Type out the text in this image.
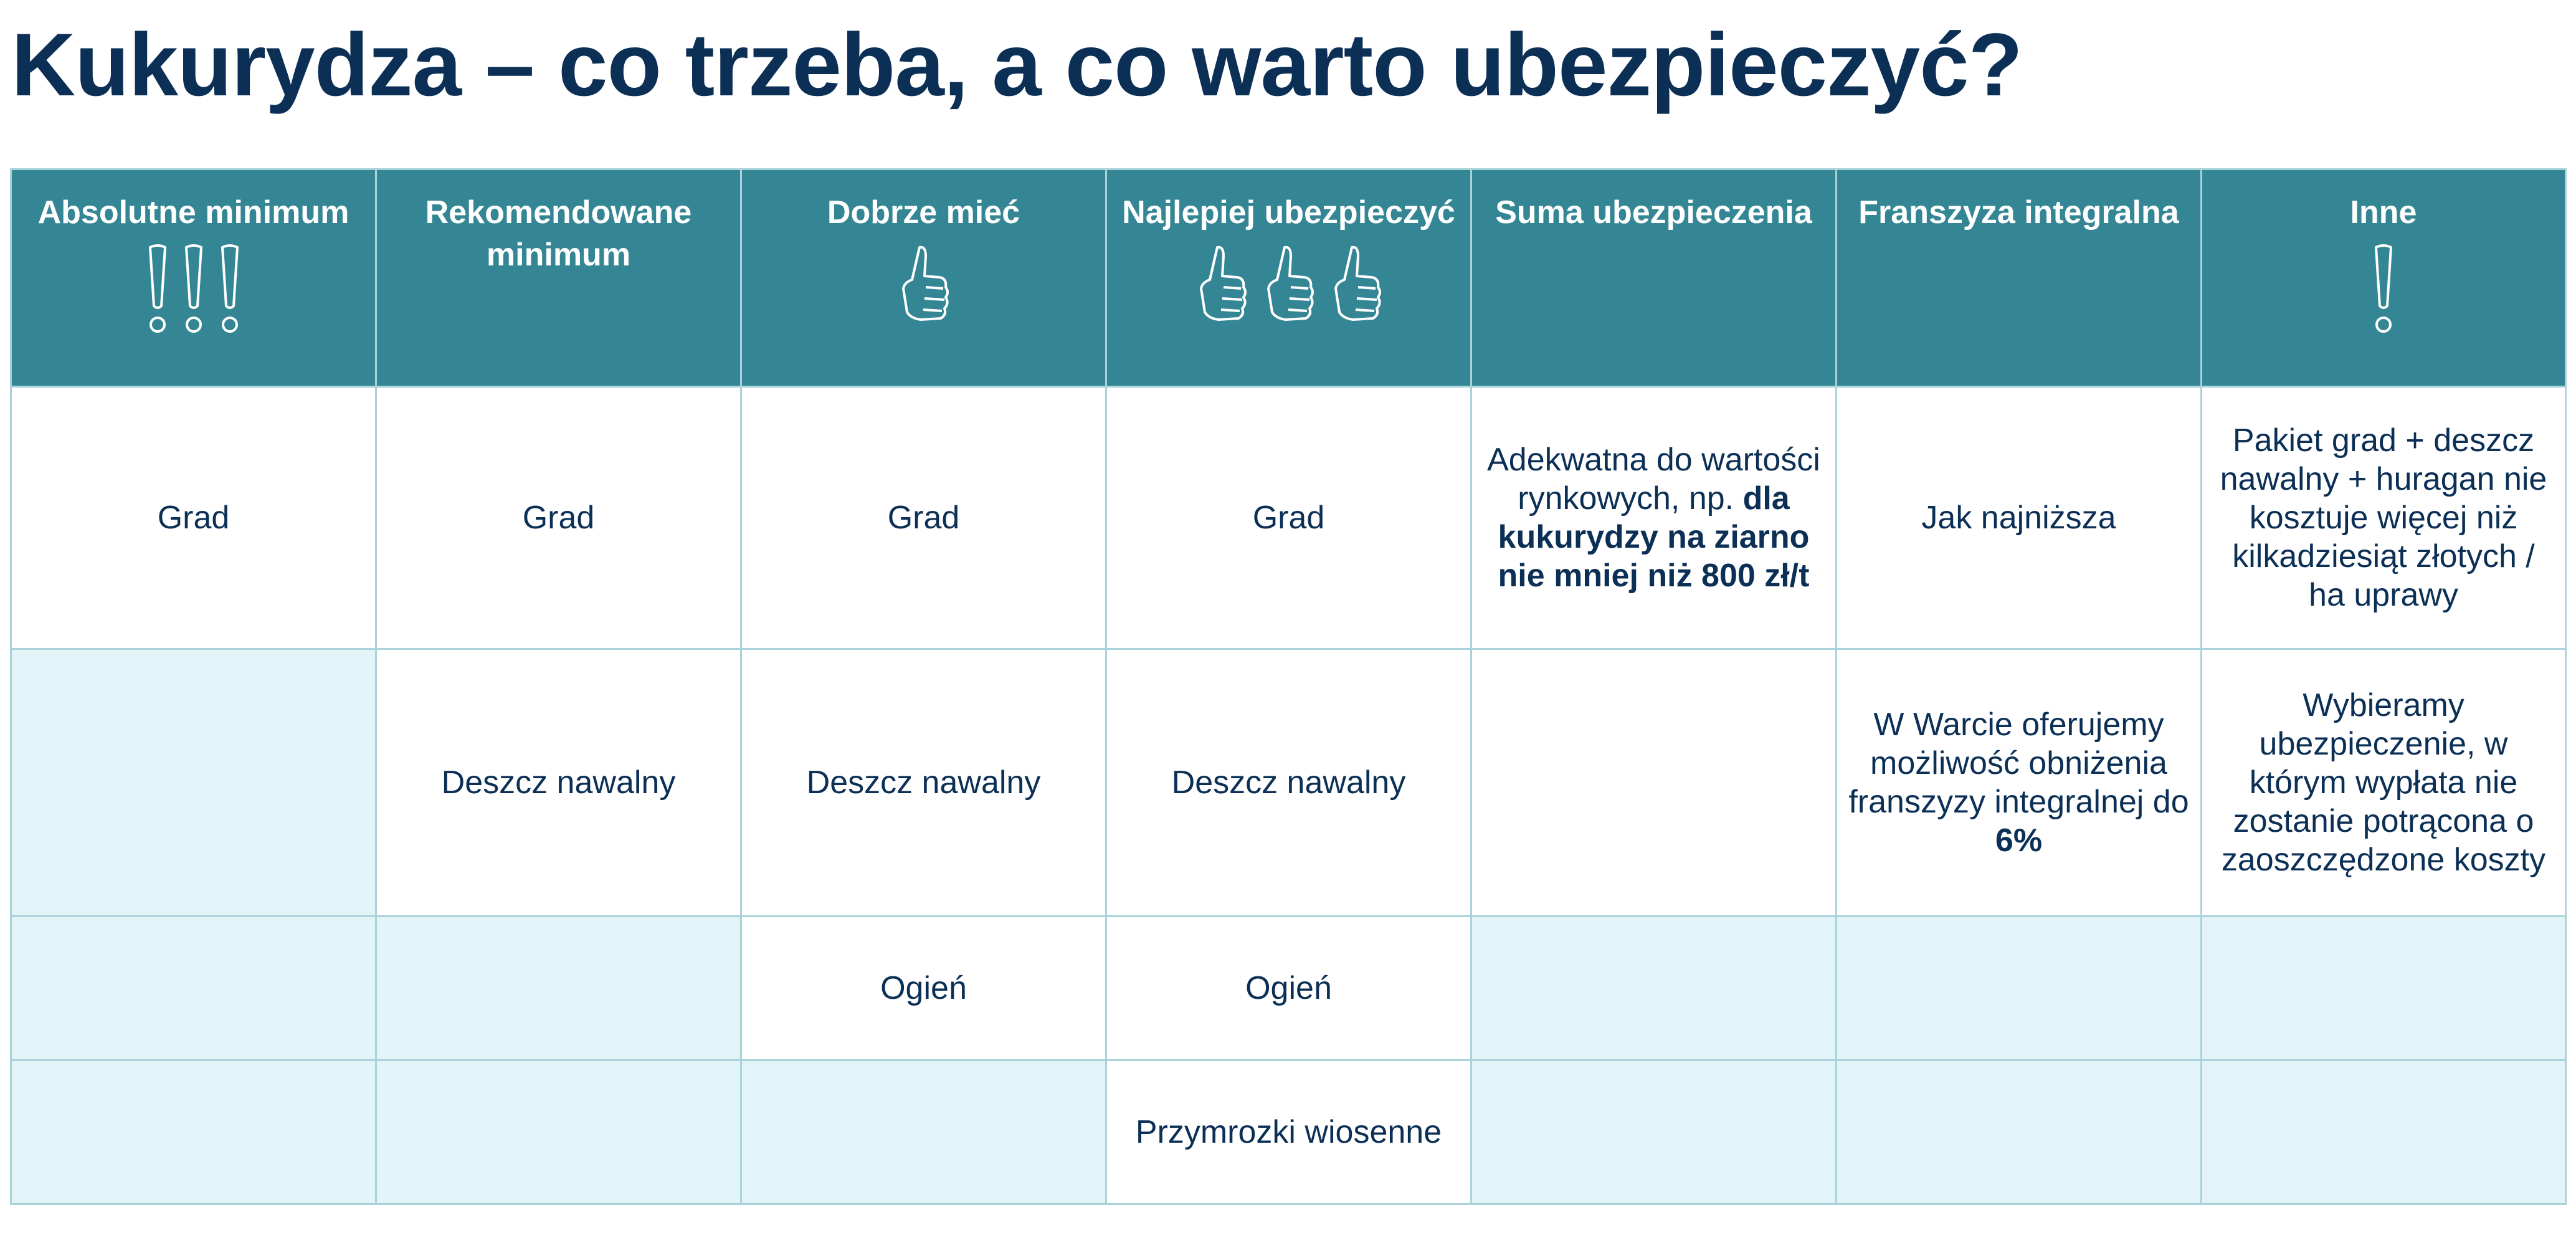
Kukurydza – co trzeba, a co warto ubezpieczyć?
Absolutne minimum	Rekomendowane minimum	Dobrze mieć	Najlepiej ubezpieczyć	Suma ubezpieczenia	Franszyza integralna	Inne

Grad	Grad	Grad	Grad	Adekwatna do wartości rynkowych, np. dla kukurydzy na ziarno nie mniej niż 800 zł/t	Jak najniższa	Pakiet grad + deszcz nawalny + huragan nie kosztuje więcej niż kilkadziesiąt złotych / ha uprawy
	Deszcz nawalny	Deszcz nawalny	Deszcz nawalny		W Warcie oferujemy możliwość obniżenia franszyzy integralnej do 6%	Wybieramy ubezpieczenie, w którym wypłata nie zostanie potrącona o zaoszczędzone koszty
		Ogień	Ogień			
			Przymrozki wiosenne			
